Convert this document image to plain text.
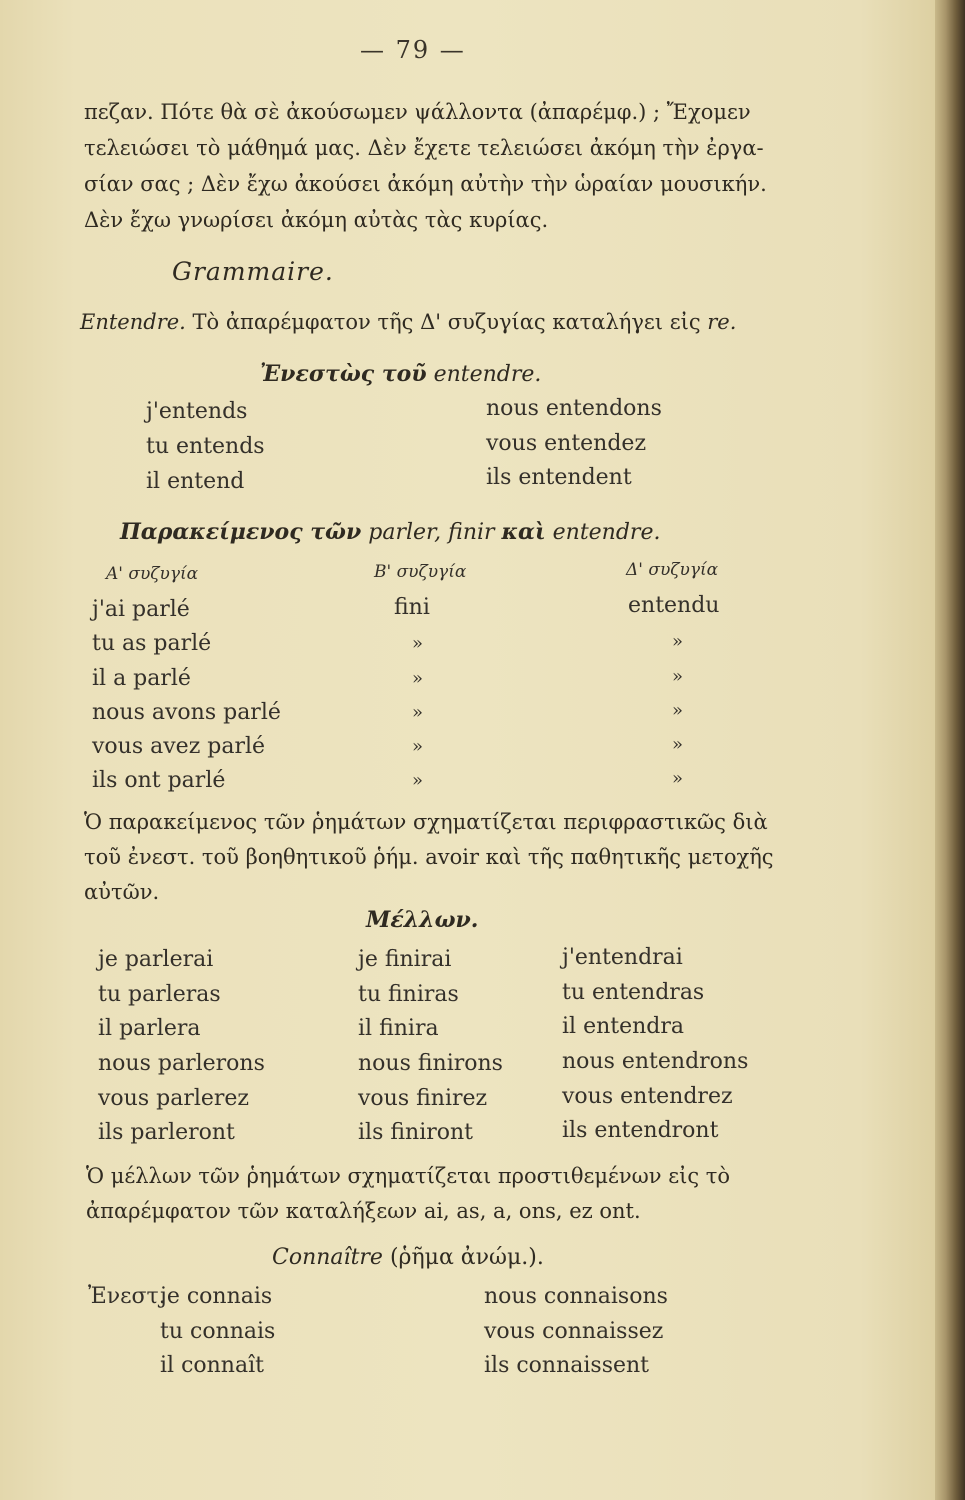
— 79 —
πεζαν. Πότε θὰ σὲ ἀκούσωμεν ψάλλοντα (ἀπαρέμφ.) ; Ἔχομεν
τελειώσει τὸ μάθημά μας. Δὲν ἔχετε τελειώσει ἀκόμη τὴν ἐργα-
σίαν σας ; Δὲν ἔχω ἀκούσει ἀκόμη αὐτὴν τὴν ὡραίαν μουσικήν.
Δὲν ἔχω γνωρίσει ἀκόμη αὐτὰς τὰς κυρίας.
Grammaire.
Entendre. Τὸ ἀπαρέμφατον τῆς Δ' συζυγίας καταλήγει εἰς re.
Ἐνεστὼς τοῦ entendre.
j'entends
tu entends
il entend
nous entendons
vous entendez
ils entendent
Παρακείμενος τῶν parler, finir καὶ entendre.
Α' συζυγία	Β' συζυγία	Δ' συζυγία
j'ai parlé
tu as parlé
il a parlé
nous avons parlé
vous avez parlé
ils ont parlé
fini
»
»
»
»
»
entendu
»
»
»
»
»
Ὁ παρακείμενος τῶν ῥημάτων σχηματίζεται περιφραστικῶς διὰ
τοῦ ἐνεστ. τοῦ βοηθητικοῦ ῥήμ. avoir καὶ τῆς παθητικῆς μετοχῆς
αὐτῶν.
Μέλλων.
je parlerai
tu parleras
il parlera
nous parlerons
vous parlerez
ils parleront
je finirai
tu finiras
il finira
nous finirons
vous finirez
ils finiront
j'entendrai
tu entendras
il entendra
nous entendrons
vous entendrez
ils entendront
Ὁ μέλλων τῶν ῥημάτων σχηματίζεται προστιθεμένων εἰς τὸ
ἀπαρέμφατον τῶν καταλήξεων ai, as, a, ons, ez ont.
Connaître (ῥῆμα ἀνώμ.).
Ἐνεστ.
je connais
tu connais
il connaît
nous connaisons
vous connaissez
ils connaissent
